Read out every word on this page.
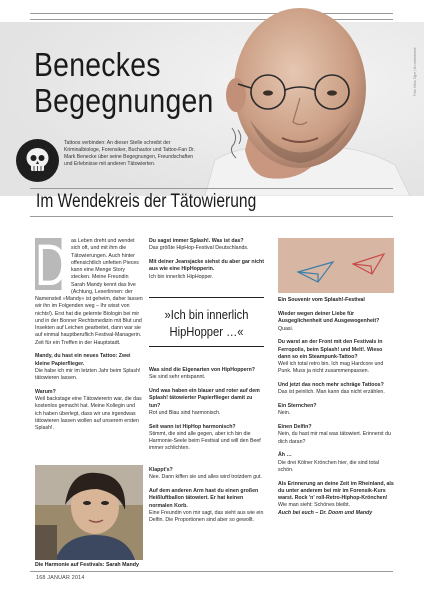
Foto: Mirko Zlger | fb.com/ketraevl
Beneckes
Begegnungen
Tattoos verbinden: An dieser Stelle schreibt der Kriminalbiologe, Forensiker, Buchautor und Tattoo-Fan Dr. Mark Benecke über seine Begegnungen, Freundschaften und Erlebnisse mit anderen Tätowierten.
Im Wendekreis der Tätowierung
D as Leben dreht und wendet sich oft, und mit ihm die Tätowierungen. Auch hinter offensichtlich unfetten Pieces kann eine Menge Story stecken. Meine Freundin Sarah Mandy kennt das live (Achtung, Leserlinnen: der Namensteil »Mandy« ist geheim, daher lassen wir ihn im Folgenden weg – Ihr wisst von nichts!). Erst hat die gelernte Biologin bei mir und in der Bonner Rechtsmedizin mit Blut und Insekten auf Leichen gearbeitet, dann war sie auf einmal hauptberuflich Festival-Managerin. Zeit für ein Treffen in der Hauptstadt.

Mandy, du hast ein neues Tattoo: Zwei kleine Papierflieger.

Die habe ich mir im letzten Jahr beim Splash! tätowieren lassen.

Warum?

Weil backstage eine Tätowiererin war, die das kostenlos gemacht hat. Meine Kollegin und ich haben überlegt, dass wir uns irgendwas tätowieren lassen wollen auf unserem ersten Splash!.

Die Harmonie auf Festivals: Sarah Mandy

Du sagst immer Splash!. Was ist das?

Das größte HipHop-Festival Deutschlands.

Mit deiner Jeansjacke siehst du aber gar nicht aus wie eine HipHopperin.

Ich bin innerlich HipHopper.

»Ich bin innerlich
HipHopper …«

Was sind die Eigenarten von HipHoppern?

Sie sind sehr entspannt.

Und was haben ein blauer und roter auf dem Splash! tätowierter Papierflieger damit zu tun?

Rot und Blau sind harmonisch.

Seit wann ist HipHop harmonisch?

Stimmt, die sind alle gegen, aber ich bin die Harmonie-Seele beim Festival und will den Beef immer schlichten.

Klappt's?

Nee. Dann kiffen sie und alles wird trotzdem gut.

Auf dem anderen Arm hast du einen großen Heißluftballon tätowiert. Er hat keinen normalen Korb.

Eine Freundin von mir sagt, das sieht aus wie ein Delfin. Die Proportionen sind aber so gewollt.

Ein Souvenir vom Splash!-Festival

Wieder wegen deiner Liebe für Ausgeglichenheit und Ausgewogenheit?

Quasi.

Du warst an der Front mit den Festivals in Ferropolis, beim Splash! und Melt!. Wieso dann so ein Steampunk-Tattoo?

Weil ich total retro bin. Ich mag Hardcore und Punk. Muss ja nicht zusammenpassen.

Und jetzt das noch mehr schräge Tattoos?

Das ist peinlich. Man kann das nicht erzählen.

Ein Sternchen?

Nein.

Einen Delfin?

Nein, du hast mir mal was tätowiert. Erinnerst du dich daran?

Äh …

Die drei Kölner Krönchen hier, die sind total schön.

Als Erinnerung an deine Zeit im Rheinland, als du unter anderem bei mir im Forensik-Kurs warst. Rock 'n' roll-Retro-Hiphop-Krönchen!

Wie man sieht: Schönes bleibt.

Auch bei euch – Dr. Doom und Mandy

168 JANUAR 2014
